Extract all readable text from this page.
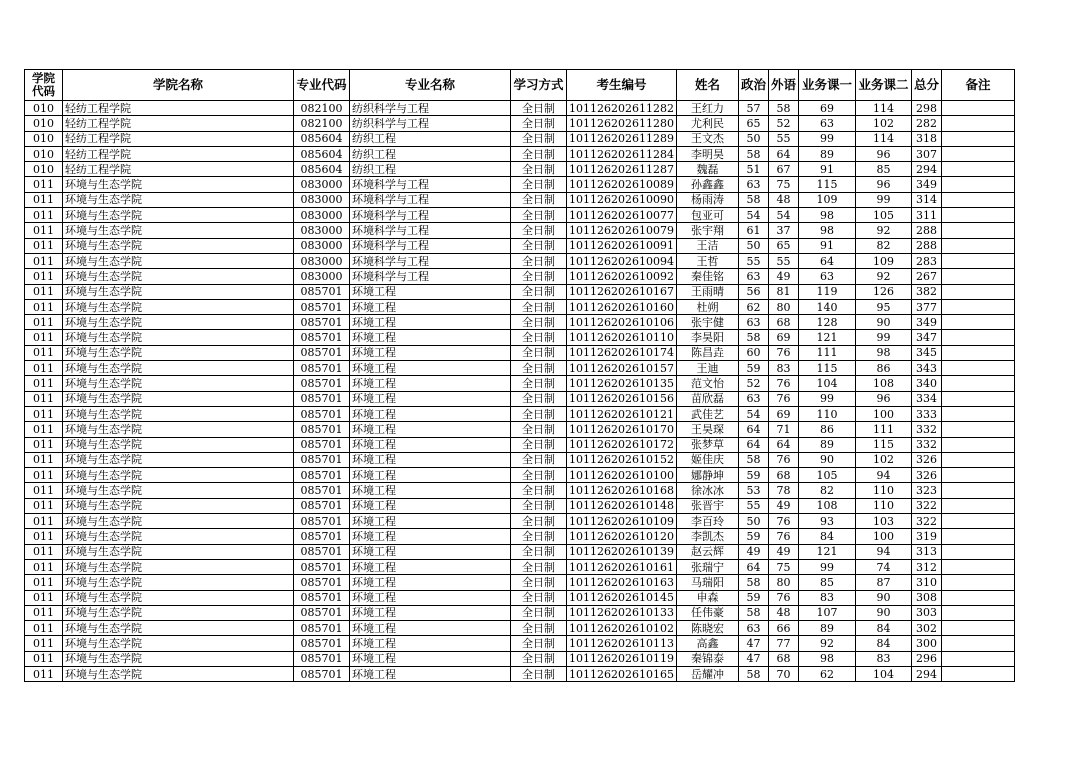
学院代码	学院名称	专业代码	专业名称	学习方式	考生编号	姓名	政治	外语	业务课一	业务课二	总分	备注
010	轻纺工程学院	082100	纺织科学与工程	全日制	101126202611282	王红力	57	58	69	114	298	
010	轻纺工程学院	082100	纺织科学与工程	全日制	101126202611280	尤利民	65	52	63	102	282	
010	轻纺工程学院	085604	纺织工程	全日制	101126202611289	王文杰	50	55	99	114	318	
010	轻纺工程学院	085604	纺织工程	全日制	101126202611284	李明昊	58	64	89	96	307	
010	轻纺工程学院	085604	纺织工程	全日制	101126202611287	魏磊	51	67	91	85	294	
011	环境与生态学院	083000	环境科学与工程	全日制	101126202610089	孙鑫鑫	63	75	115	96	349	
011	环境与生态学院	083000	环境科学与工程	全日制	101126202610090	杨雨涛	58	48	109	99	314	
011	环境与生态学院	083000	环境科学与工程	全日制	101126202610077	包亚可	54	54	98	105	311	
011	环境与生态学院	083000	环境科学与工程	全日制	101126202610079	张宇翔	61	37	98	92	288	
011	环境与生态学院	083000	环境科学与工程	全日制	101126202610091	王洁	50	65	91	82	288	
011	环境与生态学院	083000	环境科学与工程	全日制	101126202610094	王哲	55	55	64	109	283	
011	环境与生态学院	083000	环境科学与工程	全日制	101126202610092	秦佳铭	63	49	63	92	267	
011	环境与生态学院	085701	环境工程	全日制	101126202610167	王雨晴	56	81	119	126	382	
011	环境与生态学院	085701	环境工程	全日制	101126202610160	杜朔	62	80	140	95	377	
011	环境与生态学院	085701	环境工程	全日制	101126202610106	张宇健	63	68	128	90	349	
011	环境与生态学院	085701	环境工程	全日制	101126202610110	李昊阳	58	69	121	99	347	
011	环境与生态学院	085701	环境工程	全日制	101126202610174	陈昌垚	60	76	111	98	345	
011	环境与生态学院	085701	环境工程	全日制	101126202610157	王迪	59	83	115	86	343	
011	环境与生态学院	085701	环境工程	全日制	101126202610135	范文怡	52	76	104	108	340	
011	环境与生态学院	085701	环境工程	全日制	101126202610156	苗欣磊	63	76	99	96	334	
011	环境与生态学院	085701	环境工程	全日制	101126202610121	武佳艺	54	69	110	100	333	
011	环境与生态学院	085701	环境工程	全日制	101126202610170	王昊琛	64	71	86	111	332	
011	环境与生态学院	085701	环境工程	全日制	101126202610172	张梦草	64	64	89	115	332	
011	环境与生态学院	085701	环境工程	全日制	101126202610152	姬佳庆	58	76	90	102	326	
011	环境与生态学院	085701	环境工程	全日制	101126202610100	娜静坤	59	68	105	94	326	
011	环境与生态学院	085701	环境工程	全日制	101126202610168	徐冰冰	53	78	82	110	323	
011	环境与生态学院	085701	环境工程	全日制	101126202610148	张晋宇	55	49	108	110	322	
011	环境与生态学院	085701	环境工程	全日制	101126202610109	李百玲	50	76	93	103	322	
011	环境与生态学院	085701	环境工程	全日制	101126202610120	李凯杰	59	76	84	100	319	
011	环境与生态学院	085701	环境工程	全日制	101126202610139	赵云辉	49	49	121	94	313	
011	环境与生态学院	085701	环境工程	全日制	101126202610161	张瑞宁	64	75	99	74	312	
011	环境与生态学院	085701	环境工程	全日制	101126202610163	马瑞阳	58	80	85	87	310	
011	环境与生态学院	085701	环境工程	全日制	101126202610145	申森	59	76	83	90	308	
011	环境与生态学院	085701	环境工程	全日制	101126202610133	任伟豪	58	48	107	90	303	
011	环境与生态学院	085701	环境工程	全日制	101126202610102	陈晓宏	63	66	89	84	302	
011	环境与生态学院	085701	环境工程	全日制	101126202610113	高鑫	47	77	92	84	300	
011	环境与生态学院	085701	环境工程	全日制	101126202610119	秦锦泰	47	68	98	83	296	
011	环境与生态学院	085701	环境工程	全日制	101126202610165	岳耀冲	58	70	62	104	294	
